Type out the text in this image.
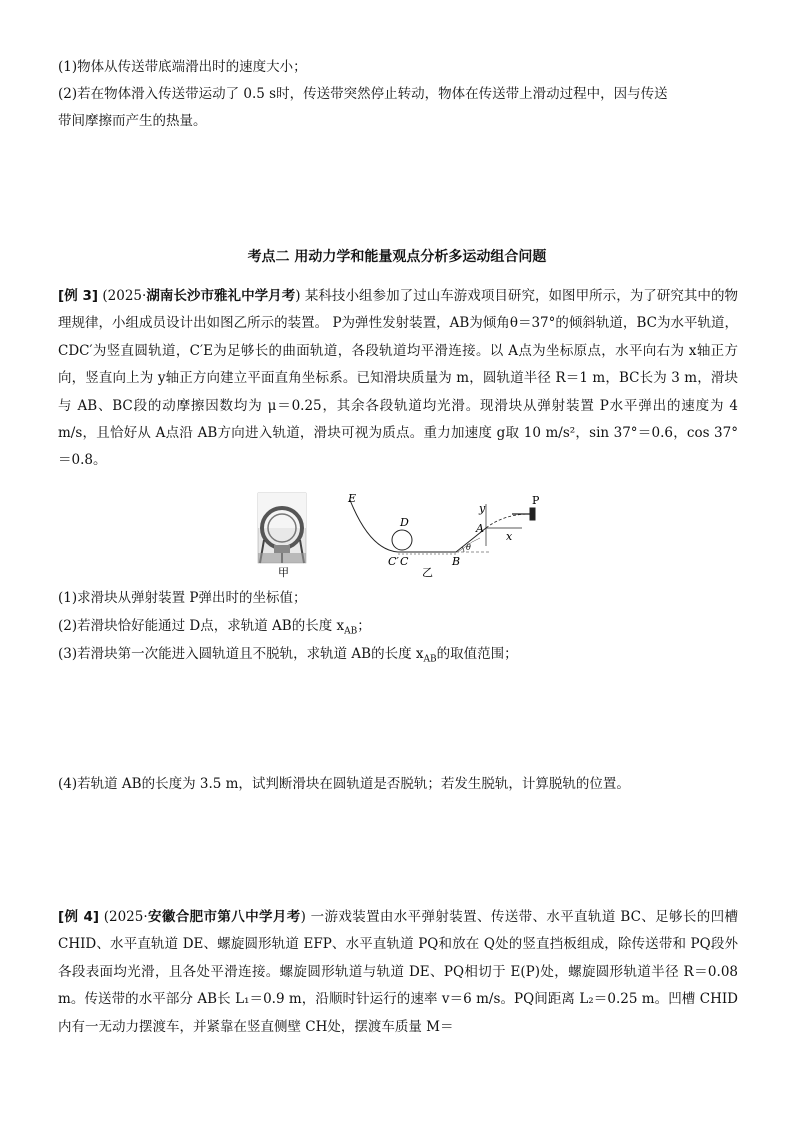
(1)物体从传送带底端滑出时的速度大小；
(2)若在物体滑入传送带运动了 0.5 s时，传送带突然停止转动，物体在传送带上滑动过程中，因与传送
带间摩擦而产生的热量。
考点二 用动力学和能量观点分析多运动组合问题
[例 3] (2025·湖南长沙市雅礼中学月考) 某科技小组参加了过山车游戏项目研究，如图甲所示，为了研究其中的物理规律，小组成员设计出如图乙所示的装置。 P为弹性发射装置，AB为倾角θ＝37°的倾斜轨道，BC为水平轨道，CDC′为竖直圆轨道，C′E为足够长的曲面轨道，各段轨道均平滑连接。以 A点为坐标原点，水平向右为 x轴正方向，竖直向上为 y轴正方向建立平面直角坐标系。已知滑块质量为 m，圆轨道半径 R＝1 m，BC长为 3 m，滑块与 AB、BC段的动摩擦因数均为 μ＝0.25，其余各段轨道均光滑。现滑块从弹射装置 P水平弹出的速度为 4 m/s，且恰好从 A点沿 AB方向进入轨道，滑块可视为质点。重力加速度 g取 10 m/s²，sin 37°＝0.6，cos 37°＝0.8。
甲
E
D
C′ C	B
A
y
x
P
θ
乙
(1)求滑块从弹射装置 P弹出时的坐标值；
(2)若滑块恰好能通过 D点，求轨道 AB的长度 $x_{AB}$；
(3)若滑块第一次能进入圆轨道且不脱轨，求轨道 AB的长度 $x_{AB}$的取值范围；
(4)若轨道 AB的长度为 3.5 m，试判断滑块在圆轨道是否脱轨；若发生脱轨，计算脱轨的位置。
[例 4] (2025·安徽合肥市第八中学月考) 一游戏装置由水平弹射装置、传送带、水平直轨道 BC、足够长的凹槽 CHID、水平直轨道 DE、螺旋圆形轨道 EFP、水平直轨道 PQ和放在 Q处的竖直挡板组成，除传送带和 PQ段外各段表面均光滑，且各处平滑连接。螺旋圆形轨道与轨道 DE、PQ相切于 E(P)处，螺旋圆形轨道半径 R＝0.08 m。传送带的水平部分 AB长 L₁＝0.9 m，沿顺时针运行的速率 v＝6 m/s。PQ间距离 L₂＝0.25 m。凹槽 CHID内有一无动力摆渡车，并紧靠在竖直侧壁 CH处，摆渡车质量 M＝
